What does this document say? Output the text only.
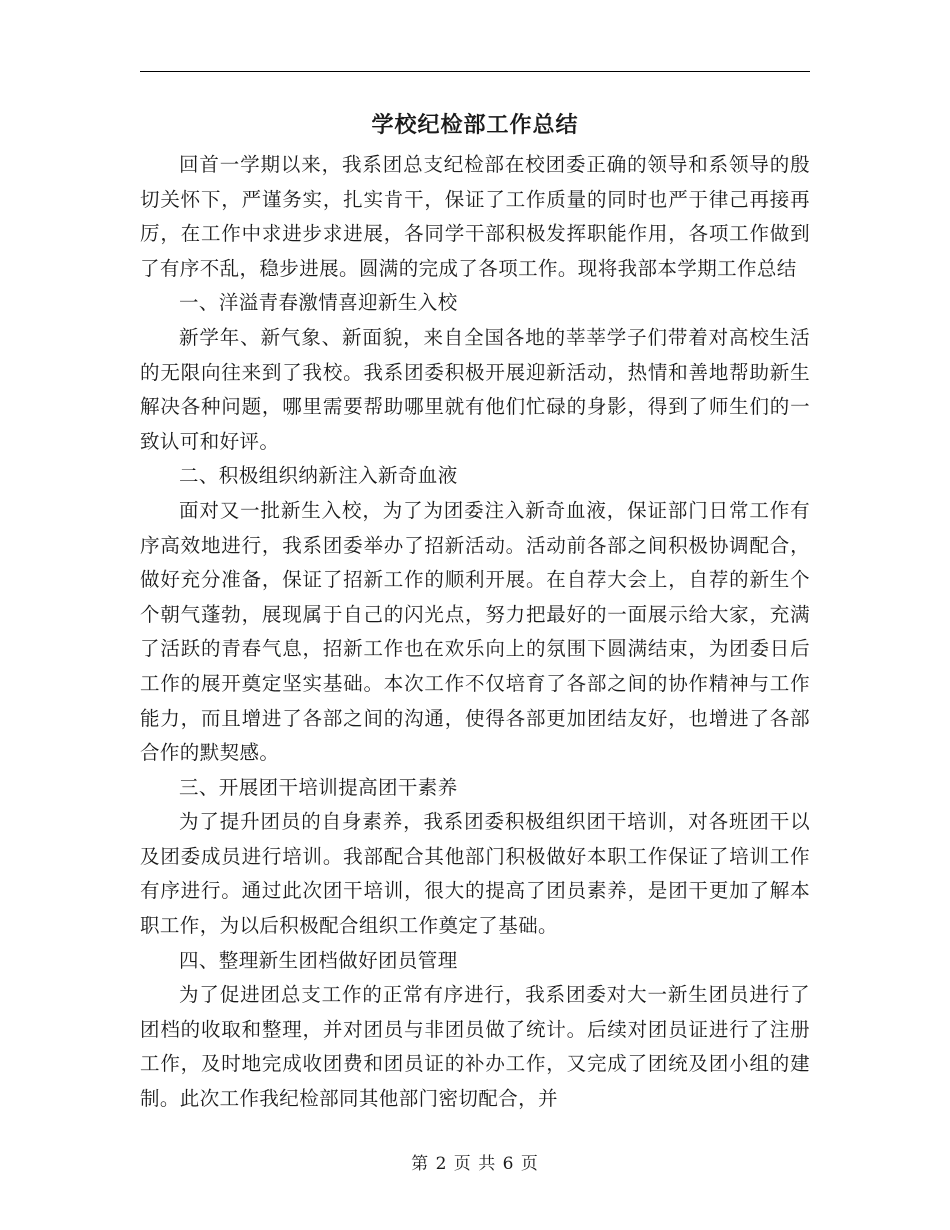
学校纪检部工作总结

回首一学期以来，我系团总支纪检部在校团委正确的领导和系领导的殷切关怀下，严谨务实，扎实肯干，保证了工作质量的同时也严于律己再接再厉，在工作中求进步求进展，各同学干部积极发挥职能作用，各项工作做到了有序不乱，稳步进展。圆满的完成了各项工作。现将我部本学期工作总结

一、洋溢青春激情喜迎新生入校

新学年、新气象、新面貌，来自全国各地的莘莘学子们带着对高校生活的无限向往来到了我校。我系团委积极开展迎新活动，热情和善地帮助新生解决各种问题，哪里需要帮助哪里就有他们忙碌的身影，得到了师生们的一致认可和好评。

二、积极组织纳新注入新奇血液

面对又一批新生入校，为了为团委注入新奇血液，保证部门日常工作有序高效地进行，我系团委举办了招新活动。活动前各部之间积极协调配合，做好充分准备，保证了招新工作的顺利开展。在自荐大会上，自荐的新生个个朝气蓬勃，展现属于自己的闪光点，努力把最好的一面展示给大家，充满了活跃的青春气息，招新工作也在欢乐向上的氛围下圆满结束，为团委日后工作的展开奠定坚实基础。本次工作不仅培育了各部之间的协作精神与工作能力，而且增进了各部之间的沟通，使得各部更加团结友好，也增进了各部合作的默契感。

三、开展团干培训提高团干素养

为了提升团员的自身素养，我系团委积极组织团干培训，对各班团干以及团委成员进行培训。我部配合其他部门积极做好本职工作保证了培训工作有序进行。通过此次团干培训，很大的提高了团员素养，是团干更加了解本职工作，为以后积极配合组织工作奠定了基础。

四、整理新生团档做好团员管理

为了促进团总支工作的正常有序进行，我系团委对大一新生团员进行了团档的收取和整理，并对团员与非团员做了统计。后续对团员证进行了注册工作，及时地完成收团费和团员证的补办工作，又完成了团统及团小组的建制。此次工作我纪检部同其他部门密切配合，并

第 2 页 共 6 页
